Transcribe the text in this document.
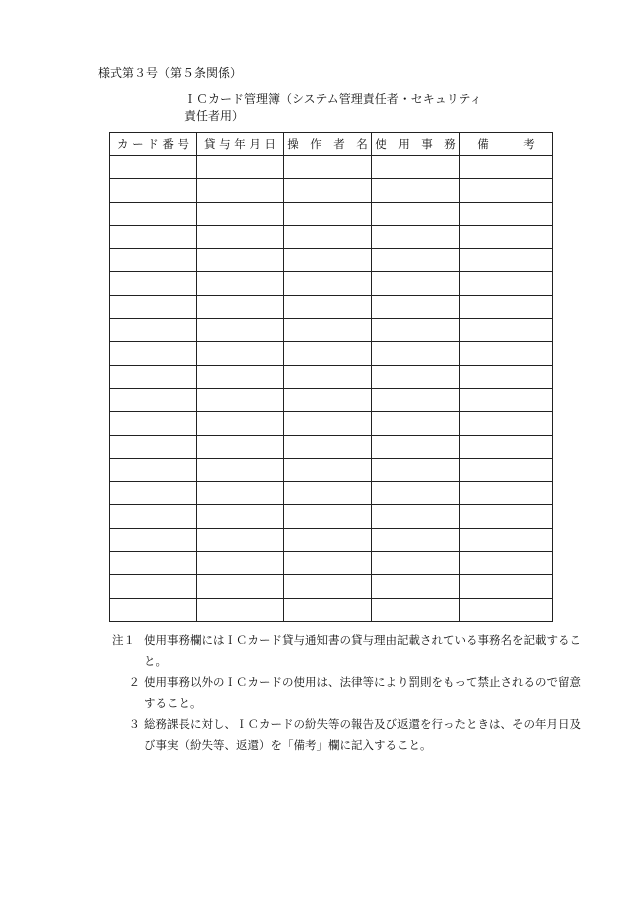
様式第３号（第５条関係）
ＩＣカード管理簿（システム管理責任者・セキュリティ
責任者用）
カ ー ド 番 号	貸 与 年 月 日	操　作　者　名	使　用　事　務	備　　　考

注１ 使用事務欄にはＩＣカード貸与通知書の貸与理由記載されている事務名を記載すること。
２ 使用事務以外のＩＣカードの使用は、法律等により罰則をもって禁止されるので留意すること。
３ 総務課長に対し、ＩＣカードの紛失等の報告及び返還を行ったときは、その年月日及び事実（紛失等、返還）を「備考」欄に記入すること。
